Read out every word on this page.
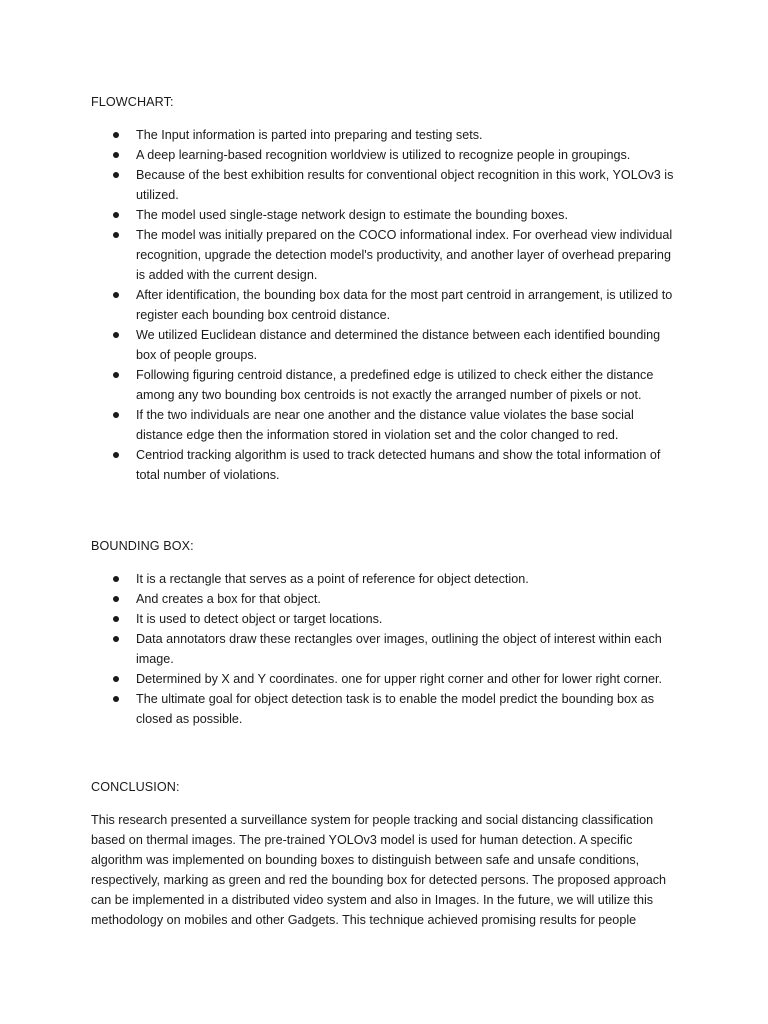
FLOWCHART:
The Input information is parted into preparing and testing sets.
A deep learning-based recognition worldview is utilized to recognize people in groupings.
Because of the best exhibition results for conventional object recognition in this work, YOLOv3 is utilized.
The model used single-stage network design to estimate the bounding boxes.
The model was initially prepared on the COCO informational index. For overhead view individual recognition, upgrade the detection model's productivity, and another layer of overhead preparing is added with the current design.
After identification, the bounding box data for the most part centroid in arrangement, is utilized to register each bounding box centroid distance.
We utilized Euclidean distance and determined the distance between each identified bounding box of people groups.
Following figuring centroid distance, a predefined edge is utilized to check either the distance among any two bounding box centroids is not exactly the arranged number of pixels or not.
If the two individuals are near one another and the distance value violates the base social distance edge then the information stored in violation set and the color changed to red.
Centriod tracking algorithm is used to track detected humans and show the total information of total number of violations.
BOUNDING BOX:
It is a rectangle that serves as a point of reference for object detection.
And creates a box for that object.
It is used to detect object or target locations.
Data annotators draw these rectangles over images, outlining the object of interest within each image.
Determined by X and Y coordinates. one for upper right corner and other for lower right corner.
The ultimate goal for object detection task is to enable the model predict the bounding box as closed as possible.
CONCLUSION:

This research presented a surveillance system for people tracking and social distancing classification based on thermal images. The pre-trained YOLOv3 model is used for human detection. A specific algorithm was implemented on bounding boxes to distinguish between safe and unsafe conditions, respectively, marking as green and red the bounding box for detected persons. The proposed approach can be implemented in a distributed video system and also in Images. In the future, we will utilize this methodology on mobiles and other Gadgets. This technique achieved promising results for people
